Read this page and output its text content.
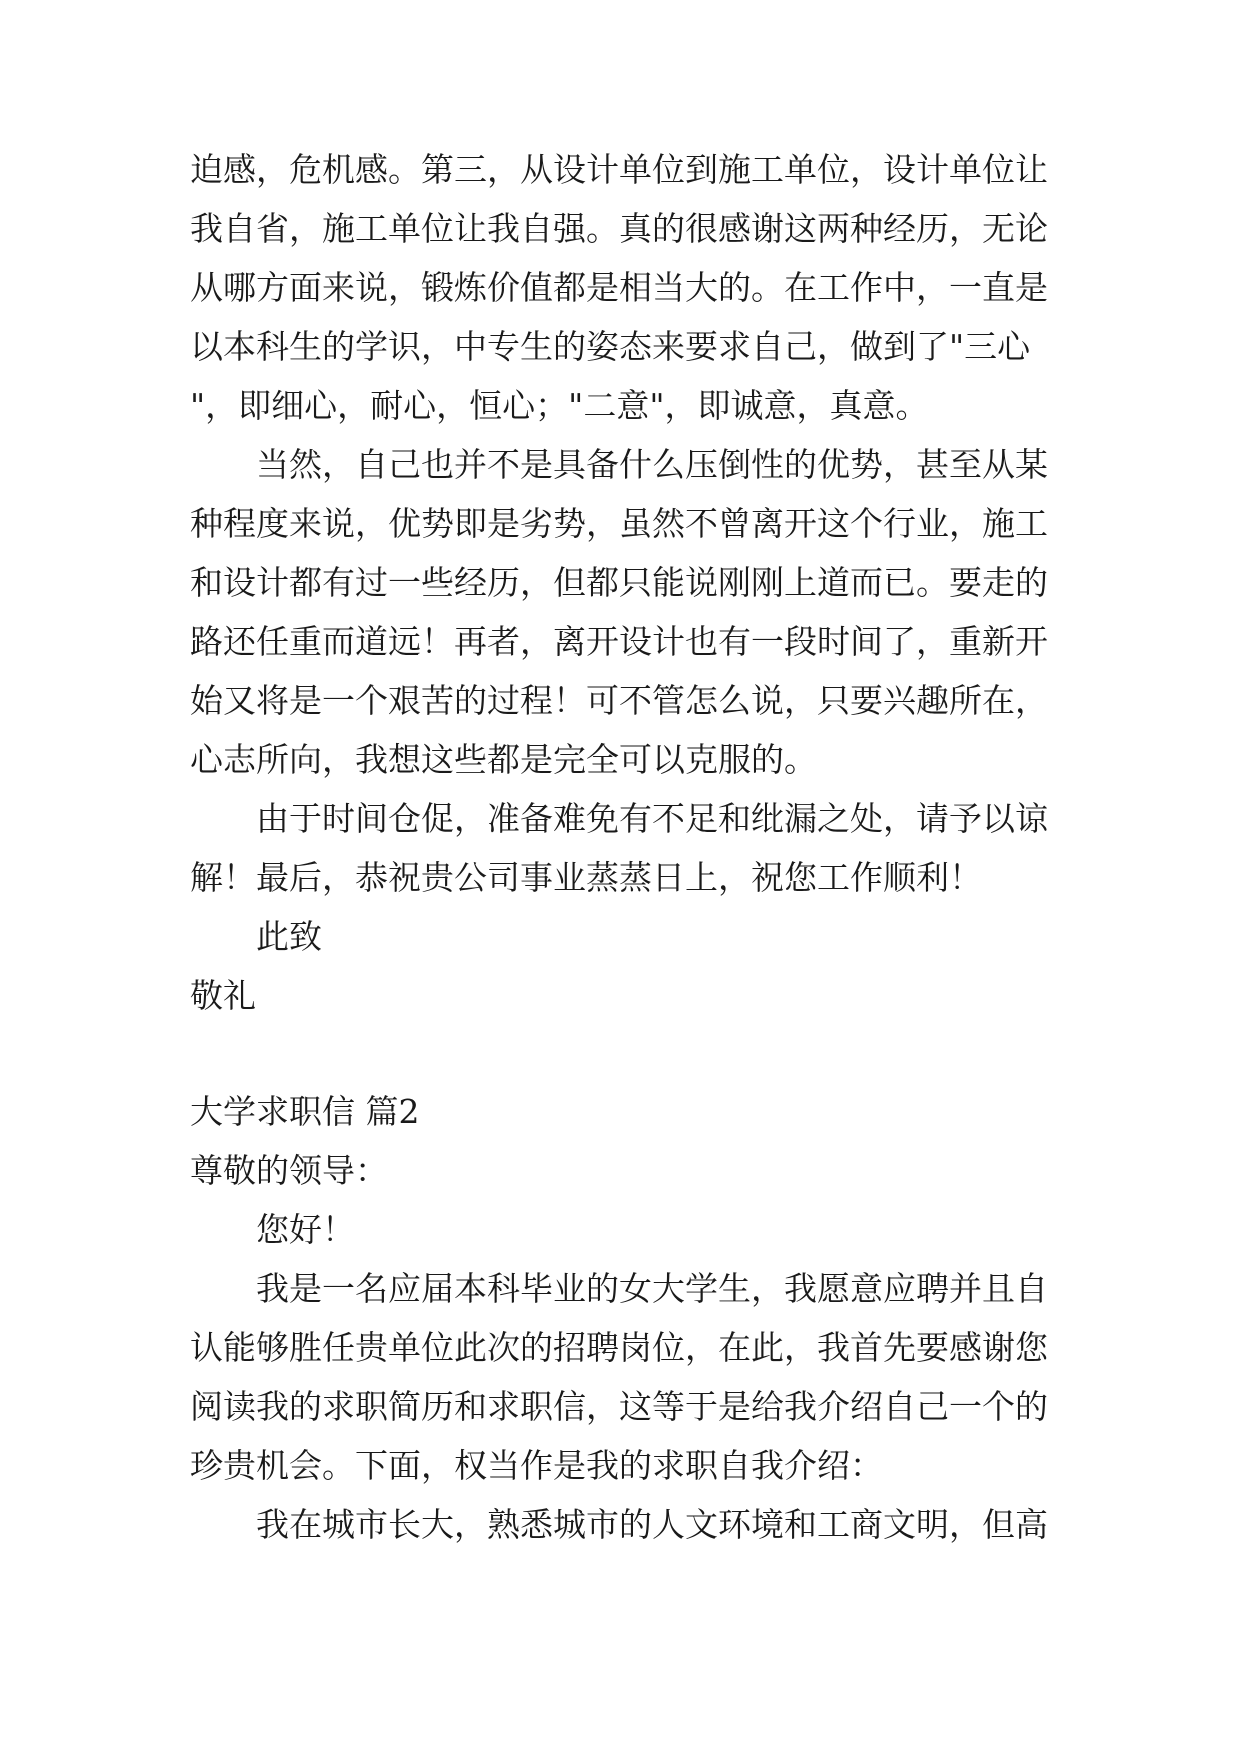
迫感，危机感。第三，从设计单位到施工单位，设计单位让
我自省，施工单位让我自强。真的很感谢这两种经历，无论
从哪方面来说，锻炼价值都是相当大的。在工作中，一直是
以本科生的学识，中专生的姿态来要求自己，做到了"三心
"，即细心，耐心，恒心；"二意"，即诚意，真意。
当然，自己也并不是具备什么压倒性的优势，甚至从某
种程度来说，优势即是劣势，虽然不曾离开这个行业，施工
和设计都有过一些经历，但都只能说刚刚上道而已。要走的
路还任重而道远！再者，离开设计也有一段时间了，重新开
始又将是一个艰苦的过程！可不管怎么说，只要兴趣所在，
心志所向，我想这些都是完全可以克服的。
由于时间仓促，准备难免有不足和纰漏之处，请予以谅
解！最后，恭祝贵公司事业蒸蒸日上，祝您工作顺利！
此致
敬礼
大学求职信 篇2
尊敬的领导：
您好！
我是一名应届本科毕业的女大学生，我愿意应聘并且自
认能够胜任贵单位此次的招聘岗位，在此，我首先要感谢您
阅读我的求职简历和求职信，这等于是给我介绍自己一个的
珍贵机会。下面，权当作是我的求职自我介绍：
我在城市长大，熟悉城市的人文环境和工商文明，但高
